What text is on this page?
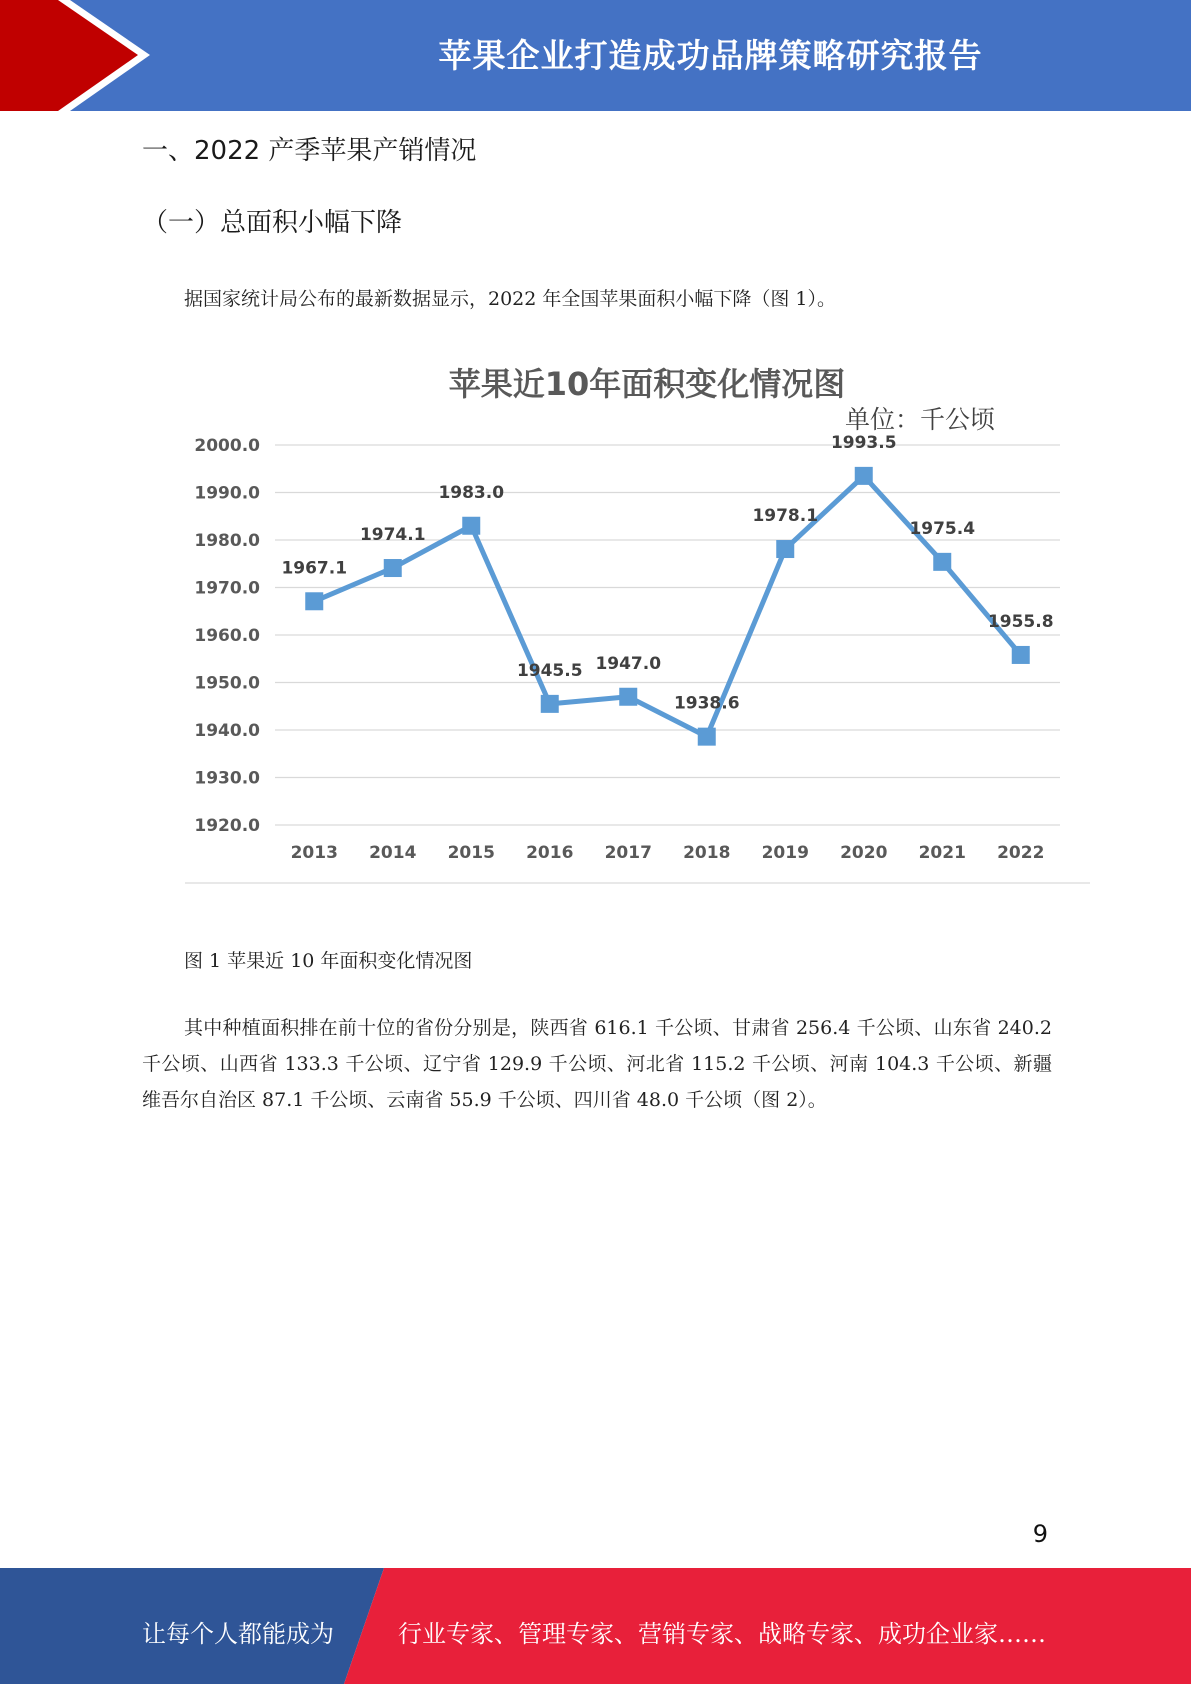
苹果企业打造成功品牌策略研究报告
一、2022 产季苹果产销情况
（一）总面积小幅下降
据国家统计局公布的最新数据显示，2022 年全国苹果面积小幅下降（图 1）。
苹果近10年面积变化情况图
单位：千公顷
1920.0
1930.0
1940.0
1950.0
1960.0
1970.0
1980.0
1990.0
2000.0
2013 2014 2015 2016 2017 2018 2019 2020 2021 2022
1967.1
1974.1
1983.0
1945.5 1947.0
1938.6
1978.1
1993.5
1975.4
1955.8
图 1 苹果近 10 年面积变化情况图
其中种植面积排在前十位的省份分别是，陕西省 616.1 千公顷、甘肃省 256.4 千公顷、山东省 240.2 千公顷、山西省 133.3 千公顷、辽宁省 129.9 千公顷、河北省 115.2 千公顷、河南 104.3 千公顷、新疆维吾尔自治区 87.1 千公顷、云南省 55.9 千公顷、四川省 48.0 千公顷（图 2）。
9
让每个人都能成为	行业专家、管理专家、营销专家、战略专家、成功企业家……
